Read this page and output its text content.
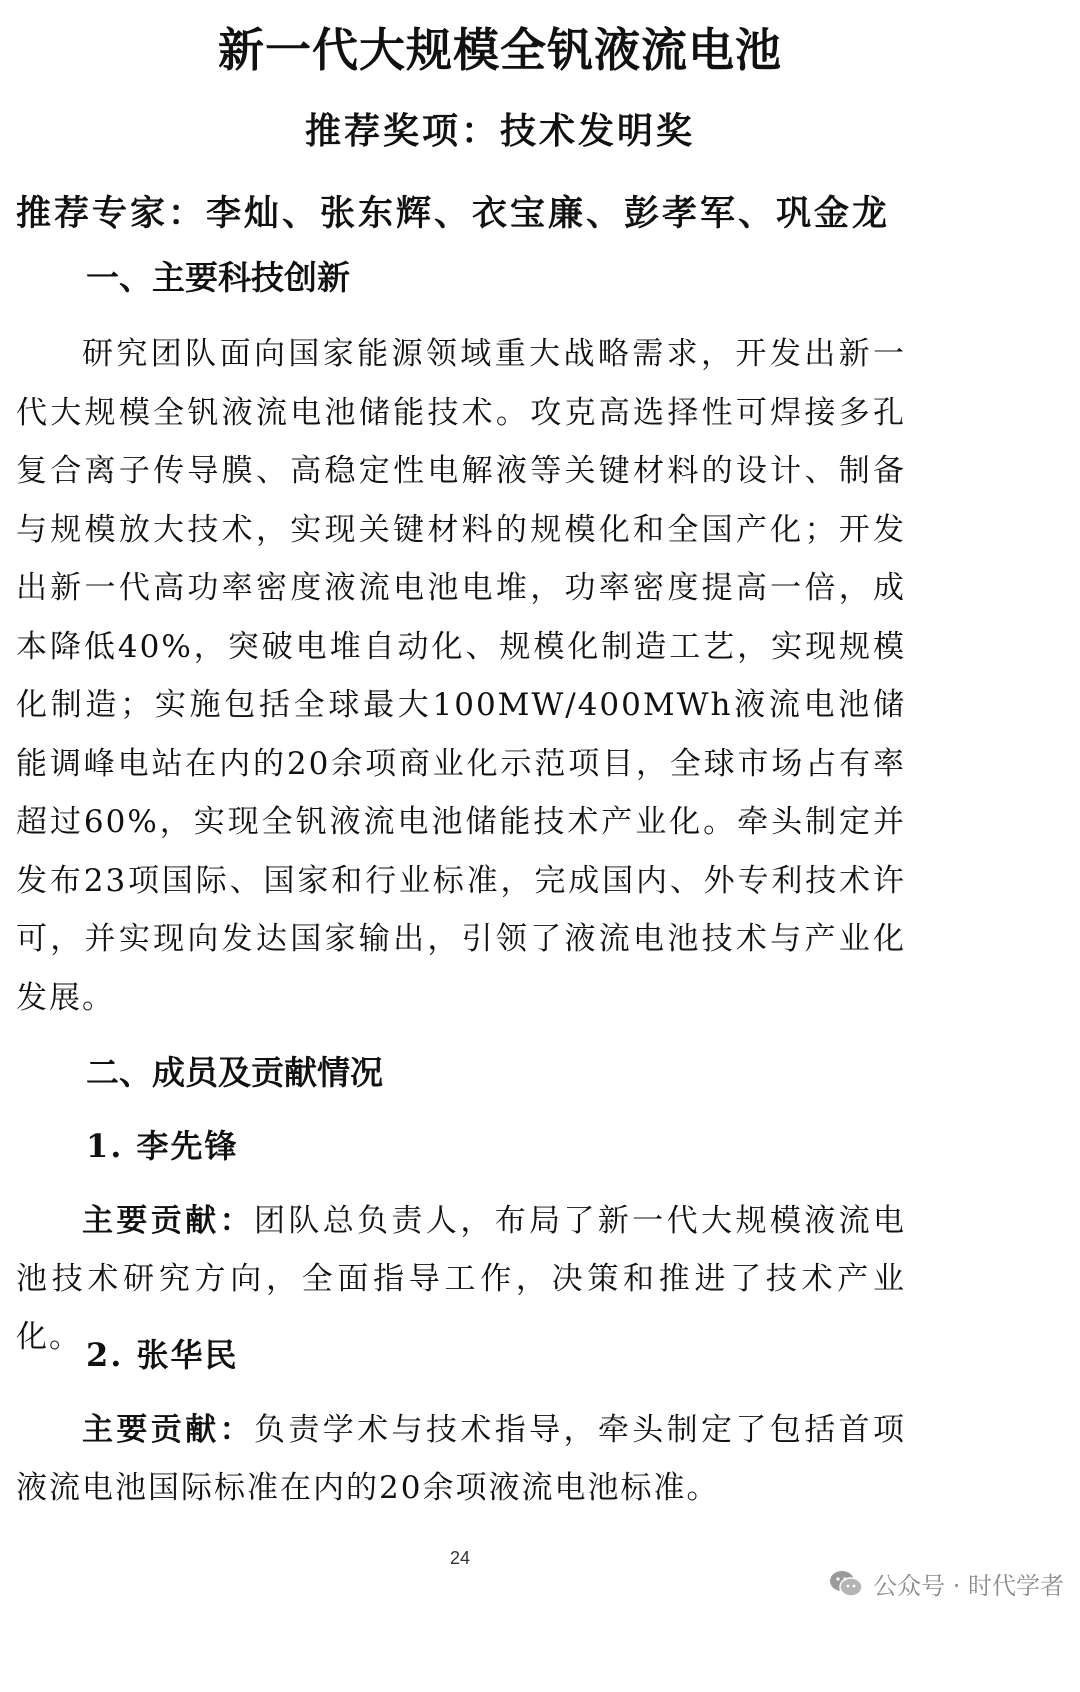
新一代大规模全钒液流电池
推荐奖项：技术发明奖
推荐专家：李灿、张东辉、衣宝廉、彭孝军、巩金龙
一、主要科技创新
研究团队面向国家能源领域重大战略需求，开发出新一代大规模全钒液流电池储能技术。攻克高选择性可焊接多孔复合离子传导膜、高稳定性电解液等关键材料的设计、制备与规模放大技术，实现关键材料的规模化和全国产化；开发出新一代高功率密度液流电池电堆，功率密度提高一倍，成本降低40%，突破电堆自动化、规模化制造工艺，实现规模化制造；实施包括全球最大100MW/400MWh液流电池储能调峰电站在内的20余项商业化示范项目，全球市场占有率超过60%，实现全钒液流电池储能技术产业化。牵头制定并发布23项国际、国家和行业标准，完成国内、外专利技术许可，并实现向发达国家输出，引领了液流电池技术与产业化发展。
二、成员及贡献情况
1. 李先锋
主要贡献：团队总负责人，布局了新一代大规模液流电池技术研究方向，全面指导工作，决策和推进了技术产业化。 2. 张华民
主要贡献：负责学术与技术指导，牵头制定了包括首项液流电池国际标准在内的20余项液流电池标准。
24
公众号 · 时代学者
